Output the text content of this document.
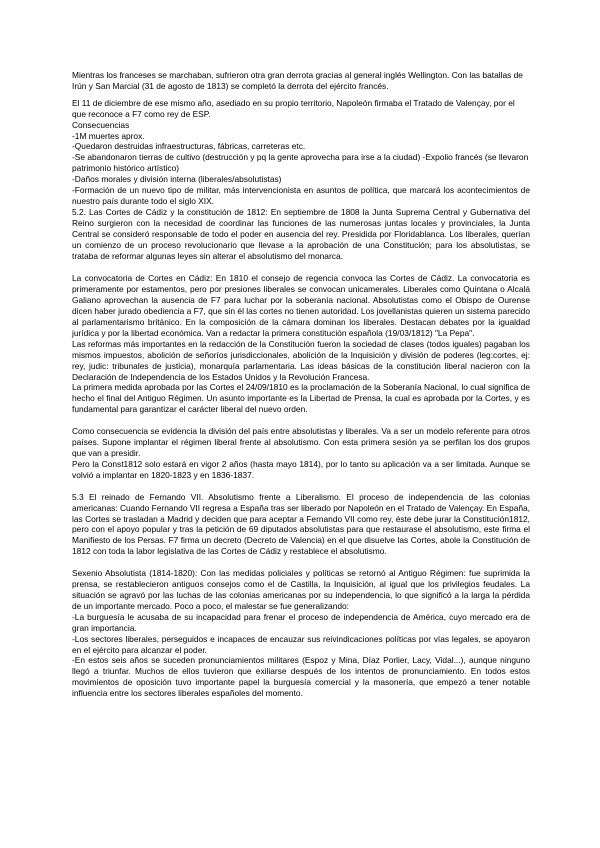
Mientras los franceses se marchaban, sufrieron otra gran derrota gracias al general inglés Wellington. Con las batallas de Irún y San Marcial (31 de agosto de 1813) se completó la derrota del ejército francés.

El 11 de diciembre de ese mismo año, asediado en su propio territorio, Napoleón firmaba el Tratado de Valençay, por el que reconoce a F7 como rey de ESP.

Consecuencias

-1M muertes aprox.

-Quedaron destruidas infraestructuras, fábricas, carreteras etc.

-Se abandonaron tierras de cultivo (destrucción y pq la gente aprovecha para irse a la ciudad) -Expolio francés (se llevaron patrimonio histórico artístico)

-Daños morales y división interna (liberales/absolutistas)

-Formación de un nuevo tipo de militar, más intervencionista en asuntos de política, que marcará los acontecimientos de nuestro país durante todo el siglo XIX.

5.2. Las Cortes de Cádiz y la constitución de 1812: En septiembre de 1808 la Junta Suprema Central y Gubernativa del Reino surgieron con la necesidad de coordinar las funciones de las numerosas juntas locales y provinciales, la Junta Central se consideró responsable de todo el poder en ausencia del rey. Presidida por Floridablanca. Los liberales, querían un comienzo de un proceso revolucionario que llevase a la aprobación de una Constitución; para los absolutistas, se trataba de reformar algunas leyes sin alterar el absolutismo del monarca.

La convocatoria de Cortes en Cádiz: En 1810 el consejo de regencia convoca las Cortes de Cádiz. La convocatoria es primeramente por estamentos, pero por presiones liberales se convocan unicamerales. Liberales como Quintana o Alcalá Galiano aprovechan la ausencia de F7 para luchar por la soberanía nacional. Absolutistas como el Obispo de Ourense dicen haber jurado obediencia a F7, que sin él las cortes no tienen autoridad. Los jovellanistas quieren un sistema parecido al parlamentarismo británico. En la composición de la cámara dominan los liberales. Destacan debates por la igualdad jurídica y por la libertad económica. Van a redactar la primera constitución española (19/03/1812) "La Pepa".

Las reformas más importantes en la redacción de la Constitución fueron la sociedad de clases (todos iguales) pagaban los mismos impuestos, abolición de señoríos jurisdiccionales, abolición de la Inquisición y división de poderes (leg:cortes, ej: rey, judic: tribunales de justicia), monarquía parlamentaria. Las ideas básicas de la constitución liberal nacieron con la Declaración de Independencia de los Estados Unidos y la Revolución Francesa.

La primera medida aprobada por las Cortes el 24/09/1810 es la proclamación de la Soberanía Nacional, lo cual significa de hecho el final del Antiguo Régimen. Un asunto importante es la Libertad de Prensa, la cual es aprobada por la Cortes, y es fundamental para garantizar el carácter liberal del nuevo orden.

Como consecuencia se evidencia la división del país entre absolutistas y liberales. Va a ser un modelo referente para otros países. Supone implantar el régimen liberal frente al absolutismo. Con esta primera sesión ya se perfilan los dos grupos que van a presidir.

Pero la Const1812 solo estará en vigor 2 años (hasta mayo 1814), por lo tanto su aplicación va a ser limitada. Aunque se volvió a implantar en 1820-1823 y en 1836-1837.

5.3 El reinado de Fernando VII. Absolutismo frente a Liberalismo. El proceso de independencia de las colonias americanas: Cuando Fernando VII regresa a España tras ser liberado por Napoleón en el Tratado de Valençay. En España, las Cortes se trasladan a Madrid y deciden que para aceptar a Fernando VII como rey, éste debe jurar la Constitución1812, pero con el apoyo popular y tras la petición de 69 diputados absolutistas para que restaurase el absolutismo, este firma el Manifiesto de los Persas. F7 firma un decreto (Decreto de Valencia) en el que disuelve las Cortes, abole la Constitución de 1812 con toda la labor legislativa de las Cortes de Cádiz y restablece el absolutismo.

Sexenio Absolutista (1814-1820): Con las medidas policiales y políticas se retornó al Antiguo Régimen: fue suprimida la prensa, se restablecieron antiguos consejos como el de Castilla, la Inquisición, al igual que los privilegios feudales. La situación se agravó por las luchas de las colonias americanas por su independencia, lo que significó a la larga la pérdida de un importante mercado. Poco a poco, el malestar se fue generalizando:

-La burguesía le acusaba de su incapacidad para frenar el proceso de independencia de América, cuyo mercado era de gran importancia.

-Los sectores liberales, perseguidos e incapaces de encauzar sus reivindicaciones políticas por vías legales, se apoyaron en el ejército para alcanzar el poder.

-En estos seis años se suceden pronunciamientos militares (Espoz y Mina, Díaz Porlier, Lacy, Vidal...), aunque ninguno llegó a triunfar. Muchos de ellos tuvieron que exiliarse después de los intentos de pronunciamiento. En todos estos movimientos de oposición tuvo importante papel la burguesía comercial y la masonería, que empezó a tener notable influencia entre los sectores liberales españoles del momento.
